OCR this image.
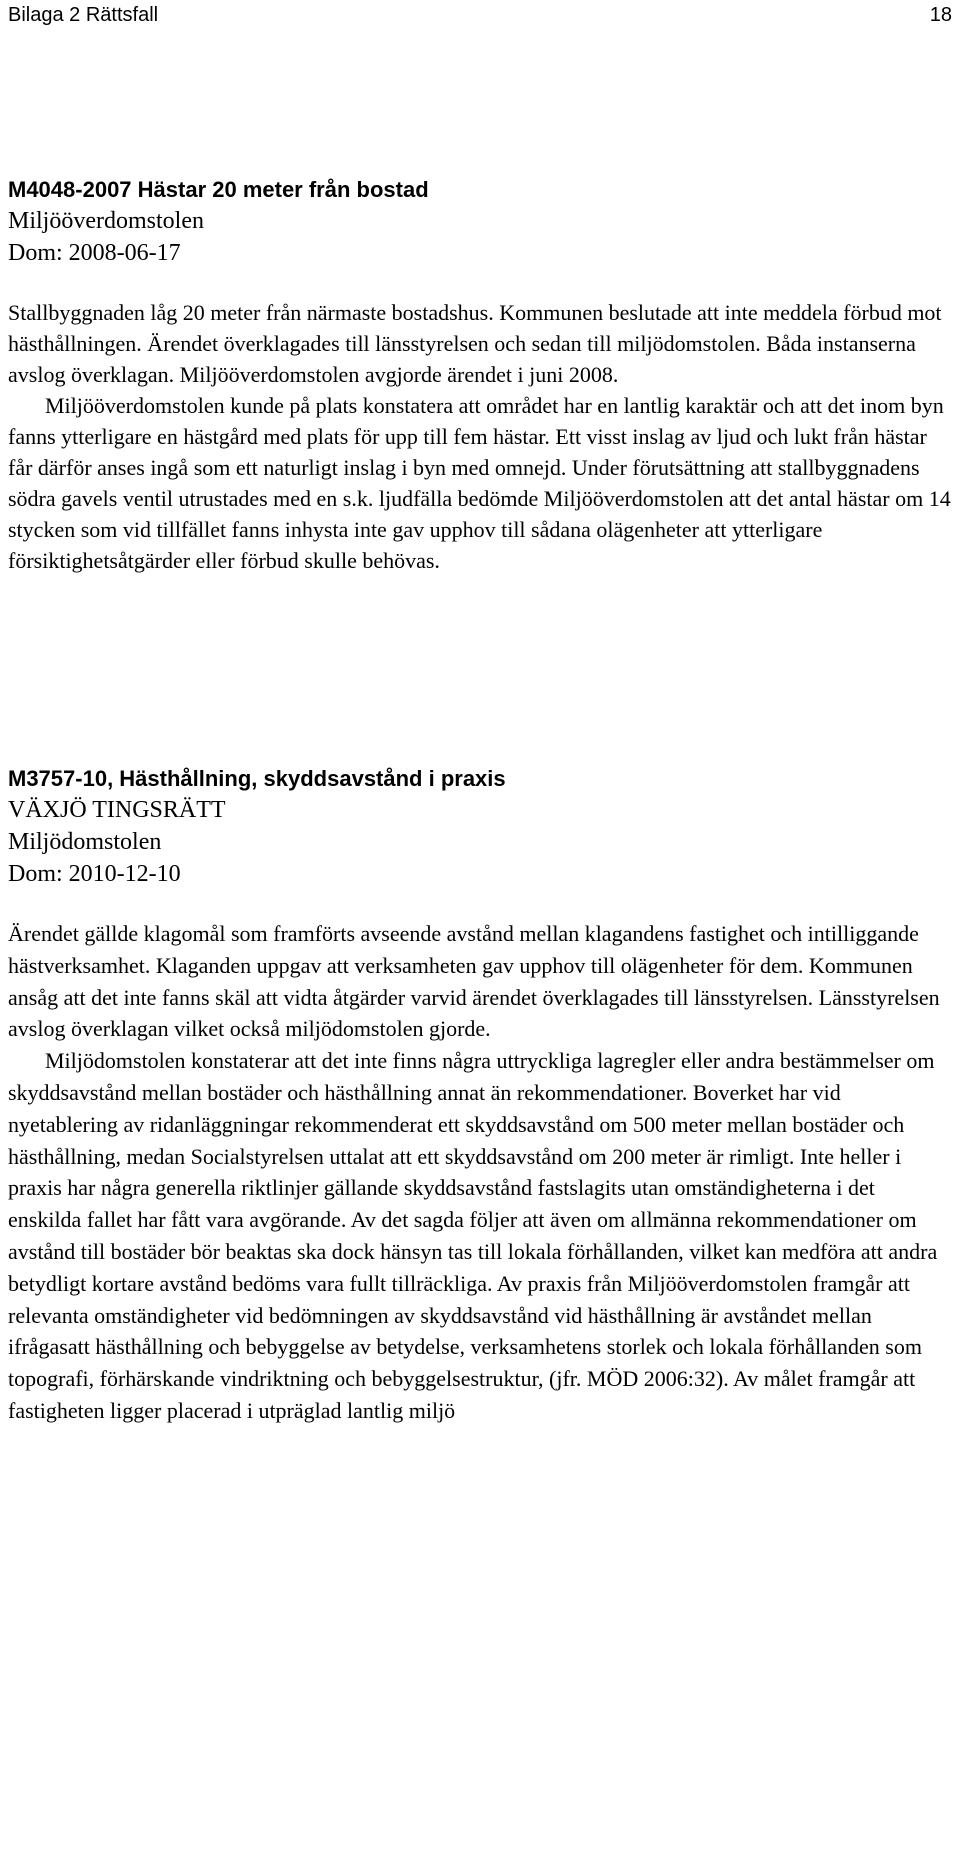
Bilaga 2 Rättsfall	18

M4048-2007 Hästar 20 meter från bostad

Miljööverdomstolen

Dom: 2008-06-17

Stallbyggnaden låg 20 meter från närmaste bostadshus. Kommunen beslutade att inte meddela förbud mot hästhållningen. Ärendet överklagades till länsstyrelsen och sedan till miljödomstolen. Båda instanserna avslog överklagan. Miljööverdomstolen avgjorde ärendet i juni 2008.

Miljööverdomstolen kunde på plats konstatera att området har en lantlig karaktär och att det inom byn fanns ytterligare en hästgård med plats för upp till fem hästar. Ett visst inslag av ljud och lukt från hästar får därför anses ingå som ett naturligt inslag i byn med omnejd. Under förutsättning att stallbyggnadens södra gavels ventil utrustades med en s.k. ljudfälla bedömde Miljööverdomstolen att det antal hästar om 14 stycken som vid tillfället fanns inhysta inte gav upphov till sådana olägenheter att ytterligare försiktighetsåtgärder eller förbud skulle behövas.

M3757-10, Hästhållning, skyddsavstånd i praxis

VÄXJÖ TINGSRÄTT

Miljödomstolen

Dom: 2010-12-10

Ärendet gällde klagomål som framförts avseende avstånd mellan klagandens fastighet och intilliggande hästverksamhet. Klaganden uppgav att verksamheten gav upphov till olägenheter för dem. Kommunen ansåg att det inte fanns skäl att vidta åtgärder varvid ärendet överklagades till länsstyrelsen. Länsstyrelsen avslog överklagan vilket också miljödomstolen gjorde.

Miljödomstolen konstaterar att det inte finns några uttryckliga lagregler eller andra bestämmelser om skyddsavstånd mellan bostäder och hästhållning annat än rekommendationer. Boverket har vid nyetablering av ridanläggningar rekommenderat ett skyddsavstånd om 500 meter mellan bostäder och hästhållning, medan Socialstyrelsen uttalat att ett skyddsavstånd om 200 meter är rimligt. Inte heller i praxis har några generella riktlinjer gällande skyddsavstånd fastslagits utan omständigheterna i det enskilda fallet har fått vara avgörande. Av det sagda följer att även om allmänna rekommendationer om avstånd till bostäder bör beaktas ska dock hänsyn tas till lokala förhållanden, vilket kan medföra att andra betydligt kortare avstånd bedöms vara fullt tillräckliga. Av praxis från Miljööverdomstolen framgår att relevanta omständigheter vid bedömningen av skyddsavstånd vid hästhållning är avståndet mellan ifrågasatt hästhållning och bebyggelse av betydelse, verksamhetens storlek och lokala förhållanden som topografi, förhärskande vindriktning och bebyggelsestruktur, (jfr. MÖD 2006:32). Av målet framgår att fastigheten ligger placerad i utpräglad lantlig miljö
